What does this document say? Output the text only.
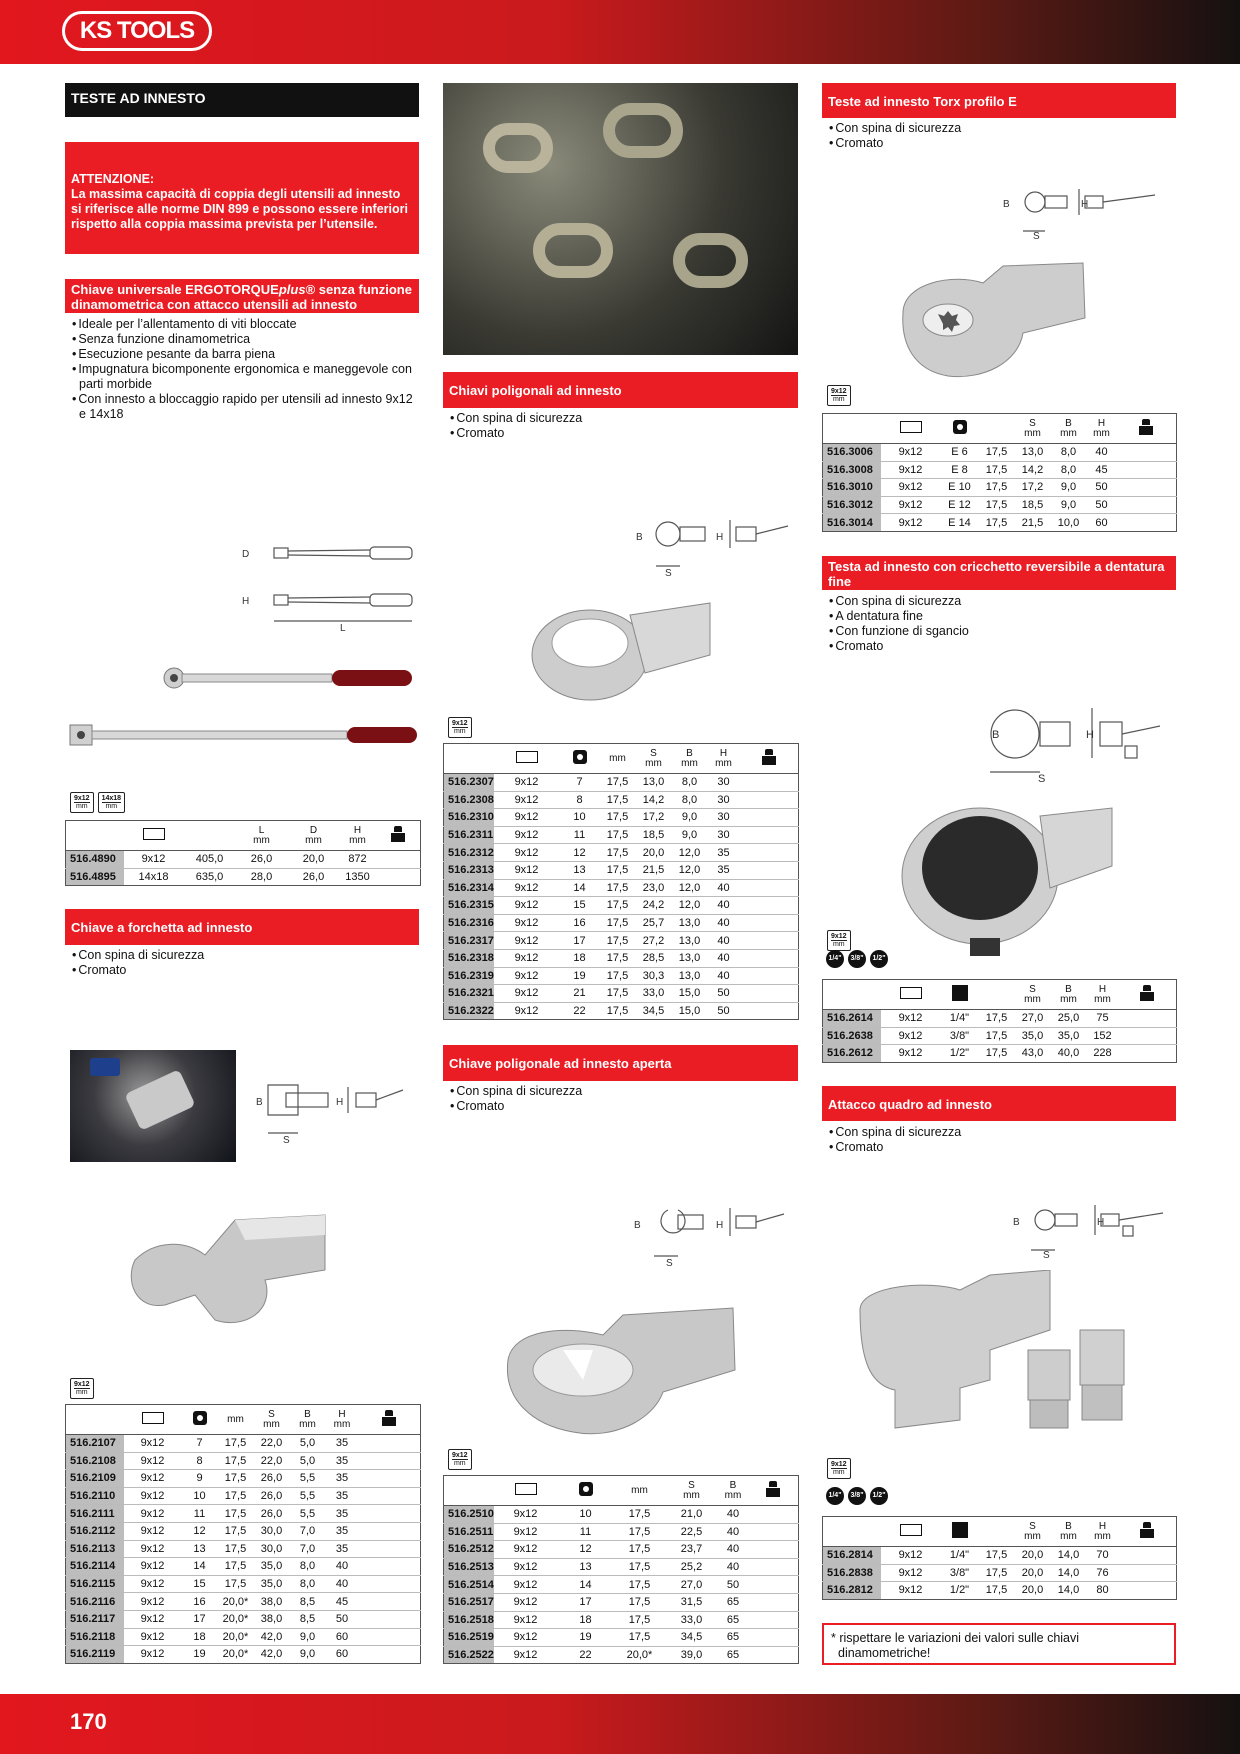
KS TOOLS
170
TESTE AD INNESTO
ATTENZIONE:
La massima capacità di coppia degli utensili ad innesto si riferisce alle norme DIN 899 e possono essere inferiori rispetto alla coppia massima prevista per l’utensile.
Chiave universale ERGOTORQUEplus® senza funzione dinamometrica con attacco utensili ad innesto
• Ideale per l’allentamento di viti bloccate
• Senza funzione dinamometrica
• Esecuzione pesante da barra piena
• Impugnatura bicomponente ergonomica e maneggevole con parti morbide
• Con innesto a bloccaggio rapido per utensili ad innesto 9x12 e 14x18
D
H
L
9x12
mm
14x18
mm
			L
mm	D
mm	H
mm	
516.4890	9x12	405,0	26,0	20,0	872	
516.4895	14x18	635,0	28,0	26,0	1350	
Chiave a forchetta ad innesto
• Con spina di sicurezza
• Cromato
B	H
S
9x12
mm

	mm	S
mm	B
mm	H
mm	
516.2107	9x12	7	17,5	22,0	5,0	35	
516.2108	9x12	8	17,5	22,0	5,0	35	
516.2109	9x12	9	17,5	26,0	5,5	35	
516.2110	9x12	10	17,5	26,0	5,5	35	
516.2111	9x12	11	17,5	26,0	5,5	35	
516.2112	9x12	12	17,5	30,0	7,0	35	
516.2113	9x12	13	17,5	30,0	7,0	35	
516.2114	9x12	14	17,5	35,0	8,0	40	
516.2115	9x12	15	17,5	35,0	8,0	40	
516.2116	9x12	16	20,0*	38,0	8,5	45	
516.2117	9x12	17	20,0*	38,0	8,5	50	
516.2118	9x12	18	20,0*	42,0	9,0	60	
516.2119	9x12	19	20,0*	42,0	9,0	60	
Chiavi poligonali ad innesto
• Con spina di sicurezza
• Cromato
B	H
S
9x12
mm

	mm	S
mm	B
mm	H
mm	
516.2307	9x12	7	17,5	13,0	8,0	30	
516.2308	9x12	8	17,5	14,2	8,0	30	
516.2310	9x12	10	17,5	17,2	9,0	30	
516.2311	9x12	11	17,5	18,5	9,0	30	
516.2312	9x12	12	17,5	20,0	12,0	35	
516.2313	9x12	13	17,5	21,5	12,0	35	
516.2314	9x12	14	17,5	23,0	12,0	40	
516.2315	9x12	15	17,5	24,2	12,0	40	
516.2316	9x12	16	17,5	25,7	13,0	40	
516.2317	9x12	17	17,5	27,2	13,0	40	
516.2318	9x12	18	17,5	28,5	13,0	40	
516.2319	9x12	19	17,5	30,3	13,0	40	
516.2321	9x12	21	17,5	33,0	15,0	50	
516.2322	9x12	22	17,5	34,5	15,0	50	
Chiave poligonale ad innesto aperta
• Con spina di sicurezza
• Cromato
B	H
S
9x12
mm

	mm	S
mm	B
mm	
516.2510	9x12	10	17,5	21,0	40	
516.2511	9x12	11	17,5	22,5	40	
516.2512	9x12	12	17,5	23,7	40	
516.2513	9x12	13	17,5	25,2	40	
516.2514	9x12	14	17,5	27,0	50	
516.2517	9x12	17	17,5	31,5	65	
516.2518	9x12	18	17,5	33,0	65	
516.2519	9x12	19	17,5	34,5	65	
516.2522	9x12	22	20,0*	39,0	65	
Teste ad innesto Torx profilo E
• Con spina di sicurezza
• Cromato
B	H
S
9x12
mm

		S
mm	B
mm	H
mm	
516.3006	9x12	E 6	17,5	13,0	8,0	40	
516.3008	9x12	E 8	17,5	14,2	8,0	45	
516.3010	9x12	E 10	17,5	17,2	9,0	50	
516.3012	9x12	E 12	17,5	18,5	9,0	50	
516.3014	9x12	E 14	17,5	21,5	10,0	60	
Testa ad innesto con cricchetto reversibile a dentatura fine
• Con spina di sicurezza
• A dentatura fine
• Con funzione di sgancio
• Cromato
B	H
S
9x12
mm
1/4"	3/8"	1/2"
				S
mm	B
mm	H
mm	
516.2614	9x12	1/4"	17,5	27,0	25,0	75	
516.2638	9x12	3/8"	17,5	35,0	35,0	152	
516.2612	9x12	1/2"	17,5	43,0	40,0	228	
Attacco quadro ad innesto
• Con spina di sicurezza
• Cromato
B	H
S
9x12
mm
1/4"	3/8"	1/2"
				S
mm	B
mm	H
mm	
516.2814	9x12	1/4"	17,5	20,0	14,0	70	
516.2838	9x12	3/8"	17,5	20,0	14,0	76	
516.2812	9x12	1/2"	17,5	20,0	14,0	80	
* rispettare le variazioni dei valori sulle chiavi dinamometriche!
